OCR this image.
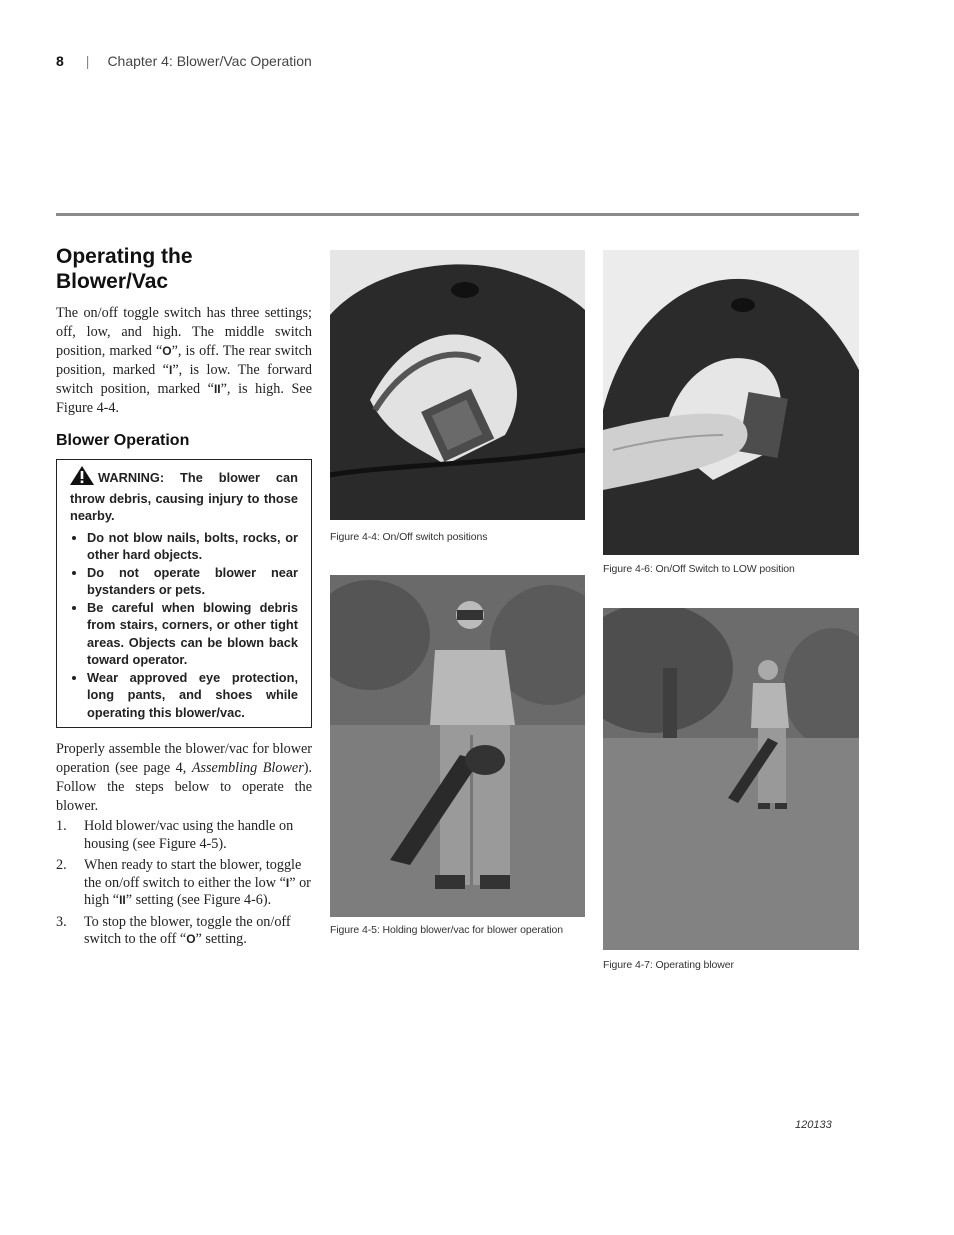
8 | Chapter 4: Blower/Vac Operation
Operating the
Blower/Vac

The on/off toggle switch has three settings; off, low, and high. The middle switch position, marked “O”, is off. The rear switch position, marked “I”, is low. The forward switch position, marked “II”, is high. See Figure 4-4.

Blower Operation
WARNING: The blower can throw debris, causing injury to those nearby.
• Do not blow nails, bolts, rocks, or other hard objects.
• Do not operate blower near bystanders or pets.
• Be careful when blowing debris from stairs, corners, or other tight areas. Objects can be blown back toward operator.
• Wear approved eye protection, long pants, and shoes while operating this blower/vac.

Properly assemble the blower/vac for blower operation (see page 4, Assembling Blower). Follow the steps below to operate the blower.

1. Hold blower/vac using the handle on housing (see Figure 4-5).
2. When ready to start the blower, toggle the on/off switch to either the low “I” or high “II” setting (see Figure 4-6).
3. To stop the blower, toggle the on/off switch to the off “O” setting.
Figure 4-4: On/Off switch positions
Figure 4-6: On/Off Switch to LOW position
Figure 4-5: Holding blower/vac for blower operation
Figure 4-7: Operating blower
120133
